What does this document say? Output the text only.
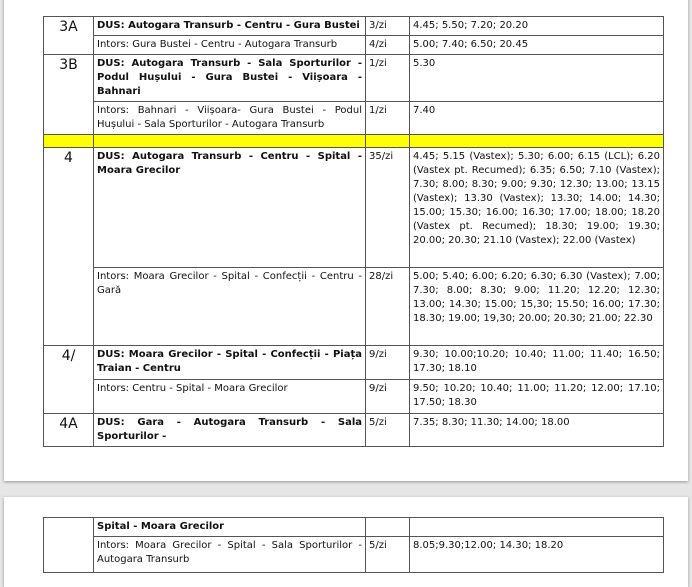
3A	DUS: Autogara Transurb - Centru - Gura Bustei	3/zi	4.45; 5.50; 7.20; 20.20
	Intors: Gura Bustei - Centru - Autogara Transurb	4/zi	5.00; 7.40; 6.50; 20.45
3B	DUS: Autogara Transurb - Sala Sporturilor - Podul Hușului - Gura Bustei - Viișoara - Bahnari	1/zi	5.30
	Intors: Bahnari - Viișoara- Gura Bustei - Podul Hușului - Sala Sporturilor - Autogara Transurb	1/zi	7.40

4	DUS: Autogara Transurb - Centru - Spital - Moara Grecilor	35/zi	4.45; 5.15 (Vastex); 5.30; 6.00; 6.15 (LCL); 6.20 (Vastex pt. Recumed); 6.35; 6.50; 7.10 (Vastex); 7.30; 8.00; 8.30; 9.00; 9.30; 12.30; 13.00; 13.15 (Vastex); 13.30 (Vastex); 13.30; 14.00; 14.30; 15.00; 15.30; 16.00; 16.30; 17.00; 18.00; 18.20 (Vastex pt. Recumed); 18.30; 19.00; 19.30; 20.00; 20.30; 21.10 (Vastex); 22.00 (Vastex)
	Intors: Moara Grecilor - Spital - Confecții - Centru - Gară	28/zi	5.00; 5.40; 6.00; 6.20; 6.30; 6.30 (Vastex); 7.00; 7.30; 8.00; 8.30; 9.00; 11.20; 12.20; 12.30; 13.00; 14.30; 15.00; 15,30; 15.50; 16.00; 17.30; 18.30; 19.00; 19,30; 20.00; 20.30; 21.00; 22.30
4/	DUS: Moara Grecilor - Spital - Confecții - Piața Traian - Centru	9/zi	9.30; 10.00;10.20; 10.40; 11.00; 11.40; 16.50; 17.30; 18.10
	Intors: Centru - Spital - Moara Grecilor	9/zi	9.50; 10.20; 10.40; 11.00; 11.20; 12.00; 17.10; 17.50; 18.30
4A	DUS: Gara - Autogara Transurb - Sala Sporturilor -	5/zi	7.35; 8.30; 11.30; 14.00; 18.00
	Spital - Moara Grecilor		
	Intors: Moara Grecilor - Spital - Sala Sporturilor - Autogara Transurb	5/zi	8.05;9.30;12.00; 14.30; 18.20
